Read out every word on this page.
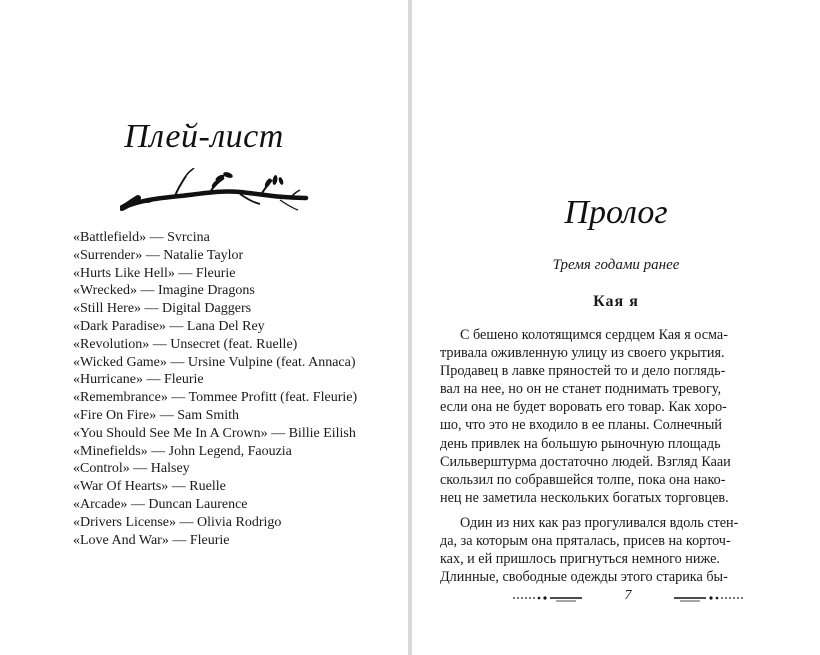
Плей-лист
«Battlefield» — Svrcina
«Surrender» — Natalie Taylor
«Hurts Like Hell» — Fleurie
«Wrecked» — Imagine Dragons
«Still Here» — Digital Daggers
«Dark Paradise» — Lana Del Rey
«Revolution» — Unsecret (feat. Ruelle)
«Wicked Game» — Ursine Vulpine (feat. Annaca)
«Hurricane» — Fleurie
«Remembrance» — Tommee Profitt (feat. Fleurie)
«Fire On Fire» — Sam Smith
«You Should See Me In A Crown» — Billie Eilish
«Minefields» — John Legend, Faouzia
«Control» — Halsey
«War Of Hearts» — Ruelle
«Arcade» — Duncan Laurence
«Drivers License» — Olivia Rodrigo
«Love And War» — Fleurie
Пролог
Тремя годами ранее
Кая я
С бешено колотящимся сердцем Кая я осма-
тривала оживленную улицу из своего укрытия.
Продавец в лавке пряностей то и дело поглядь-
вал на нее, но он не станет поднимать тревогу,
если она не будет воровать его товар. Как хоро-
шо, что это не входило в ее планы. Солнечный
день привлек на большую рыночную площадь
Сильверштурма достаточно людей. Взгляд Кааи
скользил по собравшейся толпе, пока она нако-
нец не заметила нескольких богатых торговцев.
Один из них как раз прогуливался вдоль стен-
да, за которым она пряталась, присев на корточ-
ках, и ей пришлось пригнуться немного ниже.
Длинные, свободные одежды этого старика бы-
7
